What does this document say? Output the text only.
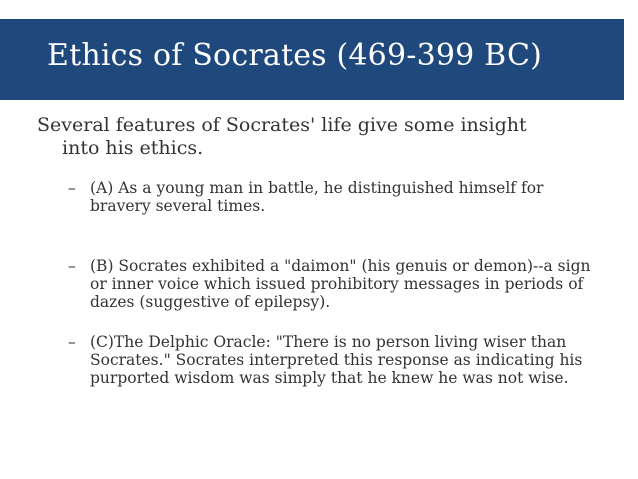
Ethics of Socrates (469-399 BC)
Several features of Socrates' life give some insight
into his ethics.
– (A) As a young man in battle, he distinguished himself for bravery several times.
– (B) Socrates exhibited a "daimon" (his genuis or demon)--a sign or inner voice which issued prohibitory messages in periods of dazes (suggestive of epilepsy).
– (C)The Delphic Oracle: "There is no person living wiser than Socrates." Socrates interpreted this response as indicating his purported wisdom was simply that he knew he was not wise.
